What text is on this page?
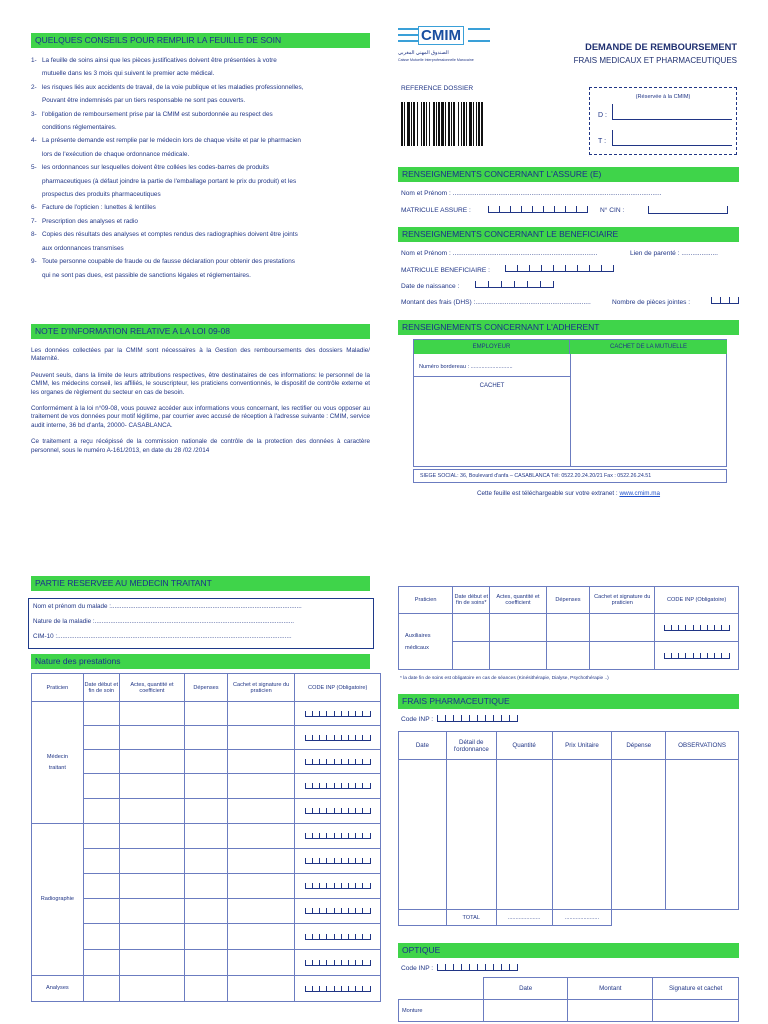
QUELQUES CONSEILS POUR REMPLIR LA FEUILLE DE SOIN
1- La feuille de soins ainsi que les pièces justificatives doivent être présentées à votre
mutuelle dans les 3 mois qui suivent le premier acte médical.
2- les risques liés aux accidents de travail, de la voie publique et les maladies professionnelles,
Pouvant être indemnisés par un tiers responsable ne sont pas couverts.
3- l'obligation de remboursement prise par la CMIM est subordonnée au respect des
conditions réglementaires.
4- La présente demande est remplie par le médecin lors de chaque visite et par le pharmacien
lors de l'exécution de chaque ordonnance médicale.
5- les ordonnances sur lesquelles doivent être collées les codes-barres de produits
pharmaceutiques (à défaut joindre la partie de l'emballage portant le prix du produit) et les
prospectus des produits pharmaceutiques
6- Facture de l'opticien : lunettes & lentilles
7- Prescription des analyses et radio
8- Copies des résultats des analyses et comptes rendus des radiographies doivent être joints
aux ordonnances transmises
9- Toute personne coupable de fraude ou de fausse déclaration pour obtenir des prestations
qui ne sont pas dues, est passible de sanctions légales et réglementaires.
NOTE D'INFORMATION RELATIVE A LA LOI 09-08
Les données collectées par la CMIM sont nécessaires à la Gestion des remboursements des dossiers Maladie/ Maternité.
Peuvent seuls, dans la limite de leurs attributions respectives, être destinataires de ces informations: le personnel de la CMIM, les médecins conseil, les affiliés, le souscripteur, les praticiens conventionnés, le dispositif de contrôle externe et les organes de règlement du secteur en cas de besoin.
Conformément à la loi n°09-08, vous pouvez accéder aux informations vous concernant, les rectifier ou vous opposer au traitement de vos données pour motif légitime, par courrier avec accusé de réception à l'adresse suivante : CMIM, service audit interne, 36 bd d'anfa, 20000- CASABLANCA.
Ce traitement a reçu récépissé de la commission nationale de contrôle de la protection des données à caractère personnel, sous le numéro A-161/2013, en date du 28 /02 /2014
CMIM
الصندوق المهني المغربي
Caisse Mutuelle Interprofessionnelle Marocaine
DEMANDE DE REMBOURSEMENT
FRAIS MEDICAUX ET PHARMACEUTIQUES
REFERENCE DOSSIER
(Réservée à la CMIM)
D :
T :
RENSEIGNEMENTS CONCERNANT L'ASSURE (E)
Nom et Prénom : ..................................................................................................................
MATRICULE ASSURE :	N° CIN :
RENSEIGNEMENTS CONCERNANT LE BENEFICIAIRE
Nom et Prénom : ...............................................................................	Lien de parenté : ....................
MATRICULE BENEFICIAIRE :
Date de naissance :
Montant des frais (DHS) :...............................................................	Nombre de pièces jointes :
RENSEIGNEMENTS CONCERNANT L'ADHERENT
EMPLOYEUR	CACHET DE LA MUTUELLE
Numéro bordereau : ...........................
CACHET
SIEGE SOCIAL: 36, Boulevard d'anfa – CASABLANCA Tél: 0522.20.24.20/21 Fax : 0522.26.24.51
Cette feuille est téléchargeable sur votre extranet : www.cmim.ma
PARTIE RESERVEE AU MEDECIN TRAITANT
Nom et prénom du malade :.............................................................................................................
Nature de la maladie :..................................................................................................................
CIM-10 :......................................................................................................................................
Nature des prestations
Praticien	Date début et fin de soin	Actes, quantité et coefficient	Dépenses	Cachet et signature du praticien	CODE INP (Obligatoire)
Médecin traitant					

Radiographie					

Analyses					
Praticien	Date début et fin de soins*	Actes, quantité et coefficient	Dépenses	Cachet et signature du praticien	CODE INP (Obligatoire)
Auxiliaires médicaux					

* la date fin de soins est obligatoire en cas de séances (Kinésithérapie, Dialyse, Psychothérapie ..)
FRAIS PHARMACEUTIQUE
Code INP :
Date	Détail de l'ordonnance	Quantité	Prix Unitaire	Dépense	OBSERVATIONS

	TOTAL	.....................	......................		
OPTIQUE
Code INP :
	Date	Montant	Signature et cachet
Monture			
